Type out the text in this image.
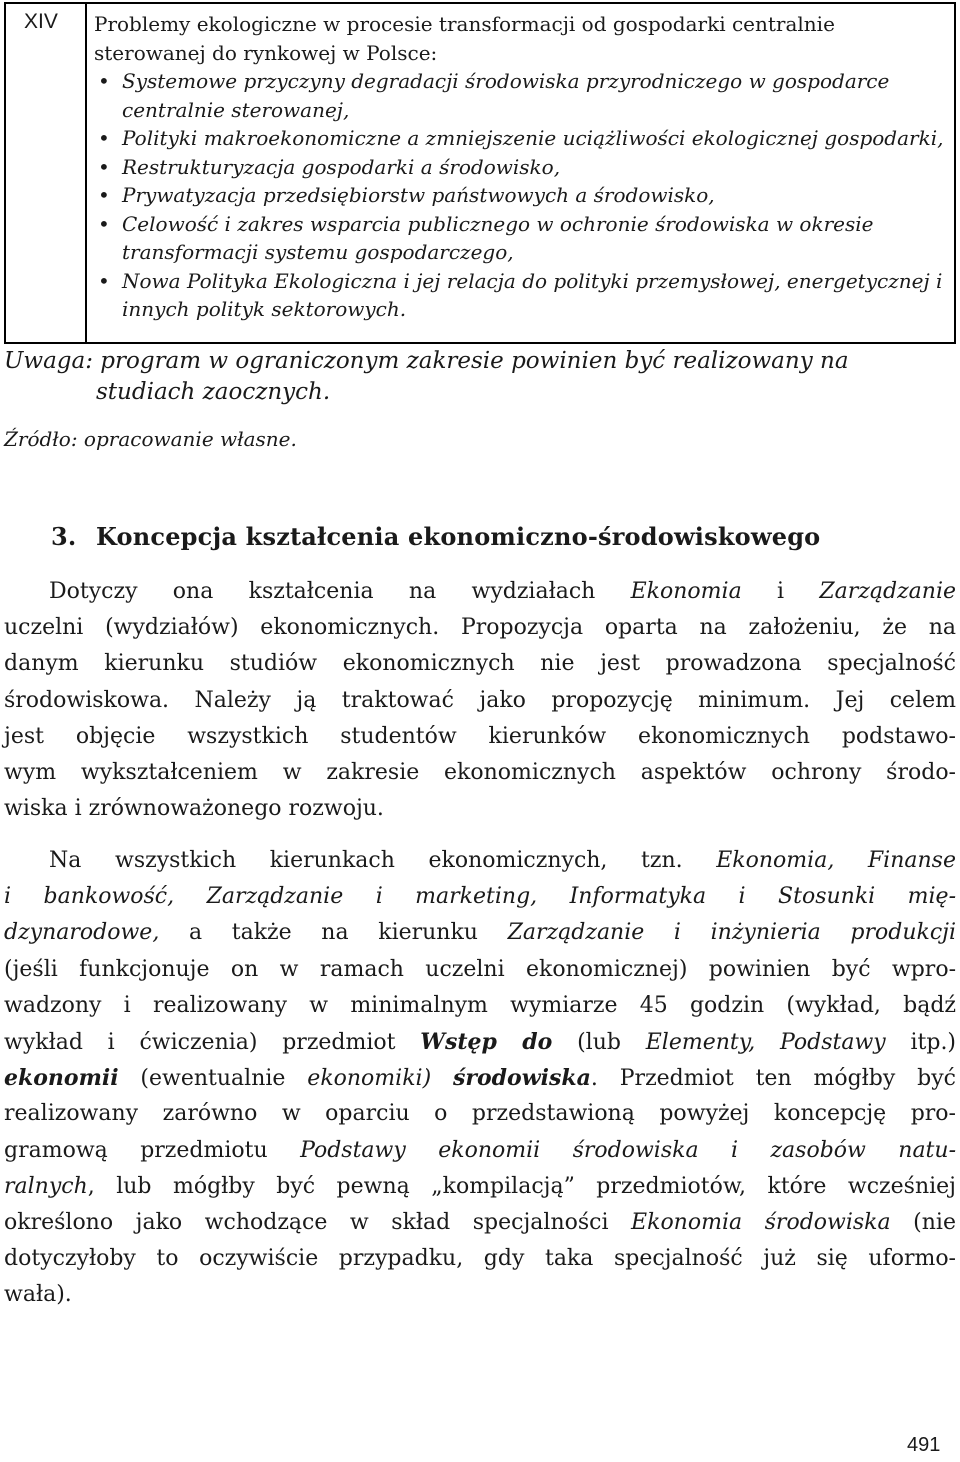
XIV Problemy ekologiczne w procesie transformacji od gospodarki centralnie sterowanej do rynkowej w Polsce:

• Systemowe przyczyny degradacji środowiska przyrodniczego w gospodarce centralnie sterowanej,
• Polityki makroekonomiczne a zmniejszenie uciążliwości ekologicznej gospodarki,
• Restrukturyzacja gospodarki a środowisko,
• Prywatyzacja przedsiębiorstw państwowych a środowisko,
• Celowość i zakres wsparcia publicznego w ochronie środowiska w okresie transformacji systemu gospodarczego,
• Nowa Polityka Ekologiczna i jej relacja do polityki przemysłowej, energetycznej i innych polityk sektorowych.
Uwaga: program w ograniczonym zakresie powinien być realizowany na
studiach zaocznych.
Źródło: opracowanie własne.
3. Koncepcja kształcenia ekonomiczno-środowiskowego
Dotyczy ona kształcenia na wydziałach Ekonomia i Zarządzanie
uczelni (wydziałów) ekonomicznych. Propozycja oparta na założeniu, że na
danym kierunku studiów ekonomicznych nie jest prowadzona specjalność
środowiskowa. Należy ją traktować jako propozycję minimum. Jej celem
jest objęcie wszystkich studentów kierunków ekonomicznych podstawo-
wym wykształceniem w zakresie ekonomicznych aspektów ochrony środo-
wiska i zrównoważonego rozwoju.
Na wszystkich kierunkach ekonomicznych, tzn. Ekonomia, Finanse
i bankowość, Zarządzanie i marketing, Informatyka i Stosunki mię-
dzynarodowe, a także na kierunku Zarządzanie i inżynieria produkcji
(jeśli funkcjonuje on w ramach uczelni ekonomicznej) powinien być wpro-
wadzony i realizowany w minimalnym wymiarze 45 godzin (wykład, bądź
wykład i ćwiczenia) przedmiot Wstęp do (lub Elementy, Podstawy itp.)
ekonomii (ewentualnie ekonomiki) środowiska. Przedmiot ten mógłby być
realizowany zarówno w oparciu o przedstawioną powyżej koncepcję pro-
gramową przedmiotu Podstawy ekonomii środowiska i zasobów natu-
ralnych, lub mógłby być pewną „kompilacją” przedmiotów, które wcześniej
określono jako wchodzące w skład specjalności Ekonomia środowiska (nie
dotyczyłoby to oczywiście przypadku, gdy taka specjalność już się uformo-
wała).
491
